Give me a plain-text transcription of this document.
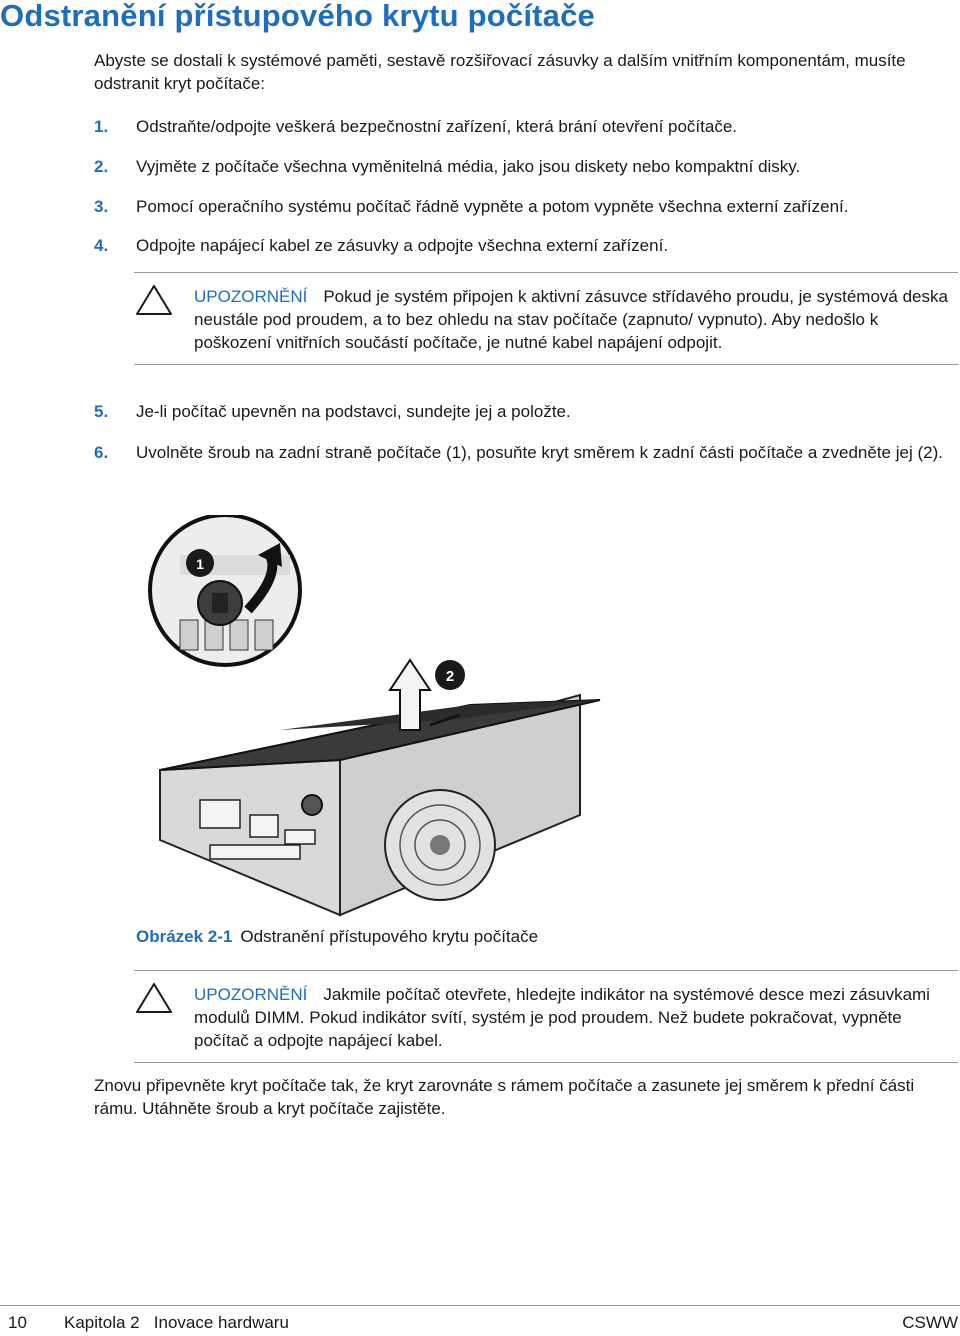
Odstranění přístupového krytu počítače

Abyste se dostali k systémové paměti, sestavě rozšiřovací zásuvky a dalším vnitřním komponentám, musíte odstranit kryt počítače:

1. Odstraňte/odpojte veškerá bezpečnostní zařízení, která brání otevření počítače.
2. Vyjměte z počítače všechna vyměnitelná média, jako jsou diskety nebo kompaktní disky.
3. Pomocí operačního systému počítač řádně vypněte a potom vypněte všechna externí zařízení.
4. Odpojte napájecí kabel ze zásuvky a odpojte všechna externí zařízení.
UPOZORNĚNÍ Pokud je systém připojen k aktivní zásuvce střídavého proudu, je systémová deska neustále pod proudem, a to bez ohledu na stav počítače (zapnuto/ vypnuto). Aby nedošlo k poškození vnitřních součástí počítače, je nutné kabel napájení odpojit.
5. Je-li počítač upevněn na podstavci, sundejte jej a položte.
6. Uvolněte šroub na zadní straně počítače (1), posuňte kryt směrem k zadní části počítače a zvedněte jej (2).
2
1
Obrázek 2-1 Odstranění přístupového krytu počítače
UPOZORNĚNÍ Jakmile počítač otevřete, hledejte indikátor na systémové desce mezi zásuvkami modulů DIMM. Pokud indikátor svítí, systém je pod proudem. Než budete pokračovat, vypněte počítač a odpojte napájecí kabel.

Znovu připevněte kryt počítače tak, že kryt zarovnáte s rámem počítače a zasunete jej směrem k přední části rámu. Utáhněte šroub a kryt počítače zajistěte.

10 Kapitola 2   Inovace hardwaru	CSWW
